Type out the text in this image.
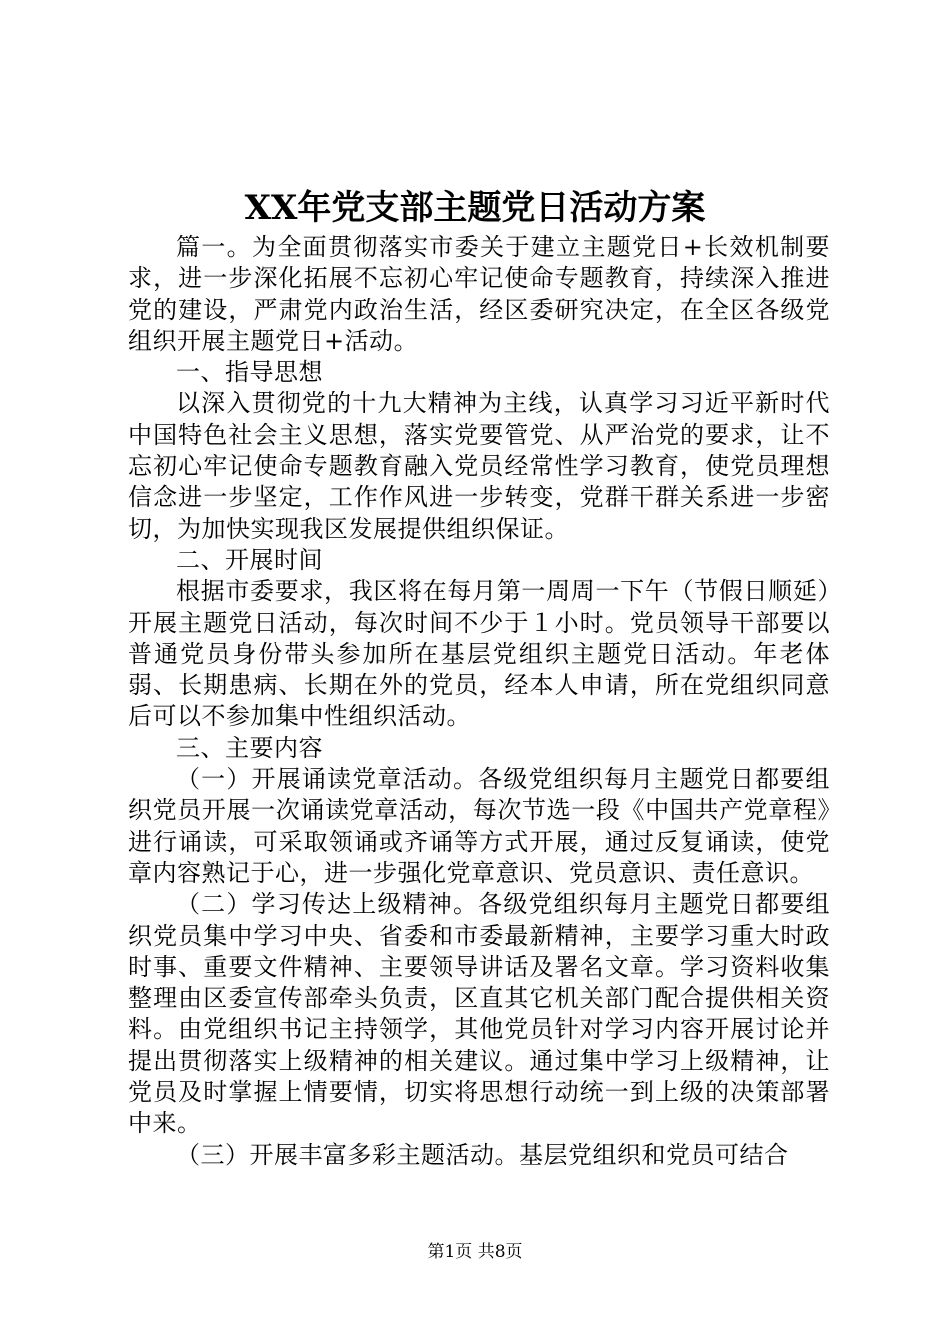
XX年党支部主题党日活动方案

篇一。为全面贯彻落实市委关于建立主题党日+长效机制要求，进一步深化拓展不忘初心牢记使命专题教育，持续深入推进党的建设，严肃党内政治生活，经区委研究决定，在全区各级党组织开展主题党日+活动。

一、指导思想

以深入贯彻党的十九大精神为主线，认真学习习近平新时代中国特色社会主义思想，落实党要管党、从严治党的要求，让不忘初心牢记使命专题教育融入党员经常性学习教育，使党员理想信念进一步坚定，工作作风进一步转变，党群干群关系进一步密切，为加快实现我区发展提供组织保证。

二、开展时间

根据市委要求，我区将在每月第一周周一下午（节假日顺延）开展主题党日活动，每次时间不少于１小时。党员领导干部要以普通党员身份带头参加所在基层党组织主题党日活动。年老体弱、长期患病、长期在外的党员，经本人申请，所在党组织同意后可以不参加集中性组织活动。

三、主要内容

（一）开展诵读党章活动。各级党组织每月主题党日都要组织党员开展一次诵读党章活动，每次节选一段《中国共产党章程》进行诵读，可采取领诵或齐诵等方式开展，通过反复诵读，使党章内容熟记于心，进一步强化党章意识、党员意识、责任意识。

（二）学习传达上级精神。各级党组织每月主题党日都要组织党员集中学习中央、省委和市委最新精神，主要学习重大时政时事、重要文件精神、主要领导讲话及署名文章。学习资料收集整理由区委宣传部牵头负责，区直其它机关部门配合提供相关资料。由党组织书记主持领学，其他党员针对学习内容开展讨论并提出贯彻落实上级精神的相关建议。通过集中学习上级精神，让党员及时掌握上情要情，切实将思想行动统一到上级的决策部署中来。

（三）开展丰富多彩主题活动。基层党组织和党员可结合

第1页 共8页
